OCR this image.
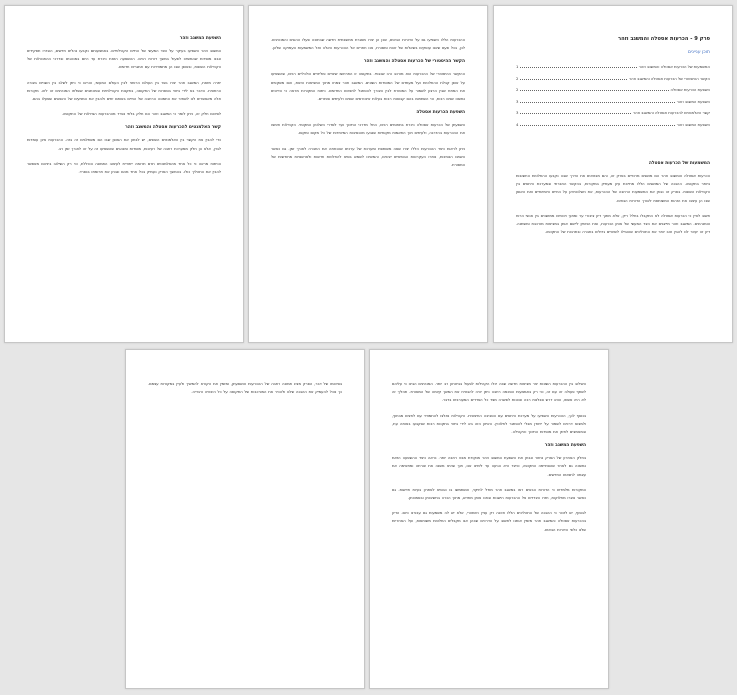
פרק 9 - הכרעות אסטלה והמשגב וזהר
תוכן עניינים
המשמעות של הכרעות אסטלה והמשגב וזהר
1
הקשר ההיסטורי של הכרעות אסטלה והמשגב וזהר
2
השפעת הכרעות אסטלה
2
השפעת המשגב וזהר
3
קשר האלמנטים להכרעות אסטלה והמשגב וזהר
3
השפעת המשגב וזהר
4
המשמעות של הכרעות אסטלה

הכרעות אסטלה והמשגב וזהר הם מושגים מרכזיים בפרק זה, והם מבטאים את הדרך שבה נקבעו ההחלטות החשובות ביותר בתקופה. ההבנה של המושגים הללו מחייבת עיון מעמיק במקורות, בהקשר החברתי ובמערכת היחסים בין הקהילות השונות. בפרק זה נבחן את המשמעות הרחבה של ההכרעות, את השלכותיהן על החיים היומיומיים ואת האופן שבו הן עיצבו את הזהות המשותפת לאורך הדורות הבאים.

חשוב לציין כי הכרעות אסטלה לא התקבלו בחלל ריק, אלא מתוך דיון ציבורי ער ומתוך ויכוחים ממושכים בין אנשי הרוח והמנהיגים. המשגב וזהר מייצגים את הצד המעשי של אותן הכרעות, ואת הניסיון ליישם אותן במציאות מורכבת ומשתנה. דיון זה יעזור לנו להבין טוב יותר את התהליכים שהובילו לשינויים גדולים בחברה ובתרבות של התקופה.

ההכרעות הללו השפיעו גם על הדורות הבאים, שכן הן יצרו מסגרת מחשבתית חדשה שבתוכה פעלו ההוגים והמנהיגים. לכן, בכל פעם שאנו עוסקים בשאלות של זהות ומסורת, אנו חוזרים אל ההכרעות האלה ואל המשמעות העמוקה שלהן.

הקשר ההיסטורי של הכרעות אסטלה והמשגב וזהר

ההקשר ההיסטורי של ההכרעות הוא מורכב ורב שכבתי. בתקופה זו התרחשו שינויים פוליטיים וכלכליים רבים, שהשפיעו על אופן קבלת ההחלטות ועל מעמדם של המוסדות השונים. המשגב וזהר צמחו מתוך המציאות הזאת, והם משקפים את המתח שבין הרצון לשמור על המסורת לבין הצורך להסתגל לתנאים החדשים. ניתוח המקורות מראה כי הדיונים נמשכו שנים רבות, וכי השתתפו בהם קבוצות רבות בעלות אינטרסים שונים ולעיתים סותרים.

השפעת הכרעות אסטלה

השפעתן של הכרעות אסטלה ניכרת בתחומים רבים, החל מדרכי החינוך ועד לסדרי השלטון המקומי. הקהילות אימצו את ההכרעות בהדרגה, ולעיתים תוך התאמות מקומיות שנבעו מהנסיבות המיוחדות של כל מקום ומקום.

ניתן לראות כיצד ההכרעות הללו יצרו שפה משותפת ומערכת של ערכים שהנחתה את החברה לאורך זמן. גם כאשר השתנו הנסיבות, נותרו העקרונות הבסיסיים יציבים, והמשיכו לשמש בסיס להחלטות חדשות ולפרשנויות מחודשות של המסורת.

השפעת המשגב וזהר

המשגב וזהר השפיעו בעיקר על הצד המעשי של החיים הקהילתיים. באמצעותם נקבעו נהלים חדשים, הוגדרו תפקידים ונבנו מוסדות שהמשיכו לפעול במשך דורות רבים. ההשפעה הזאת ניכרת עד היום במנהגים ובדרכי ההתנהלות של הקהילות השונות, ובאופן שבו הן מתמודדות עם אתגרים חדשים.

יתרה מזאת, המשגב וזהר יצרו גשר בין העולם הרוחני לבין העולם המעשי, והראו כי ניתן לשלב בין השניים בצורה הרמונית. הדבר בא לידי ביטוי בספרות של התקופה, בתקנות הקהילתיות ובמכתבים ששלחו המנהיגים זה לזה. מקורות אלה מאפשרים לנו לשחזר את התמונה הרחבה של החיים באותם ימים ולהבין את המניעים של האנשים שפעלו בהם.

לסיכום חלק זה, ניתן לומר כי המשגב וזהר הם חלק בלתי נפרד מההכרעות הגדולות של התקופה.

קשר האלמנטים להכרעות אסטלה והמשגב וזהר

כדי להבין את הקשר בין האלמנטים השונים, יש לבחון את האופן שבו הם משתלבים זה בזה. ההכרעות אינן עומדות לבדן, אלא הן חלק ממערכת רחבה של רעיונות, מוסדות ומנהגים שהשפיעו זה על זה לאורך זמן רב.

הניתוח מראה כי כל אחד מהאלמנטים תרם תרומה ייחודית לעיצוב התמונה הכוללת, וכי רק השילוב ביניהם מאפשר להבין את התהליך כולו. בהמשך הפרק נעמיק בכל אחד מהם ונבחן את תרומתו בנפרד.

השילוב בין ההכרעות השונות יצר מציאות חדשה שבה יכלו הקהילות לפעול בביטחון רב יותר. המנהיגים הבינו כי עליהם לשתף פעולה זה עם זה, וכי רק באמצעות הסכמה רחבה ניתן יהיה להבטיח את המשך קיומה של המסורת. תהליך זה לא היה פשוט, והוא דרש סבלנות רבה ונכונות לפשרה מצד כל הצדדים המעורבים בדבר.

בנוסף לכך, ההכרעות השפיעו על מערכת היחסים עם הסביבה החיצונית. הקהילות נאלצו להתמודד עם לחצים מבחוץ, ולמצוא דרכים לשמור על ייחודן מבלי להסתגר לחלוטין. האיזון הזה בא לידי ביטוי בתקנות רבות שנקבעו באותה עת, ובמאמצים לחזק את מוסדות החינוך והקהילה.

השפעת המשגב וזהר

בחלק האחרון של הפרק נחזור ונבחן את השפעת המשגב וזהר מנקודת מבט רחבה יותר. נראה כיצד ההשפעה הזאת נמשכה גם לאחר שהסתיימה התקופה, וכיצד היא הגיעה עד לימינו אנו, תוך שהיא משנה את צורתה ומתאימה את עצמה לתנאים החדשים.

המקורות מלמדים כי הדורות הבאים ראו במשגב וזהר מודל לחיקוי, והשתמשו בו כבסיס לפתרון בעיות חדשות. גם כאשר נוצרו מחלוקות, חזרו הצדדים אל ההכרעות הישנות ובחנו אותן מחדש, מתוך הכרה בחשיבותן ובסמכותן.

לבסוף, יש לזכור כי ההבנה של התהליכים הללו איננה רק עניין היסטורי, אלא יש לה משמעות גם עבורנו כיום. הדיון בהכרעות אסטלה והמשגב וזהר מזמין אותנו לחשוב על הדרכים שבהן אנו מקבלים החלטות משותפות, ועל האחריות שלנו כלפי הדורות הבאים.

בסיכומו של דבר, הפרק מציג תמונה רחבה של ההכרעות והשפעתן, ומזמין את הקורא להמשיך ולעיין במקורות עצמם. כך נוכל להעמיק את ההבנה שלנו ולהכיר את המורכבות של התקופה על כל היבטיה ורבדיה.
